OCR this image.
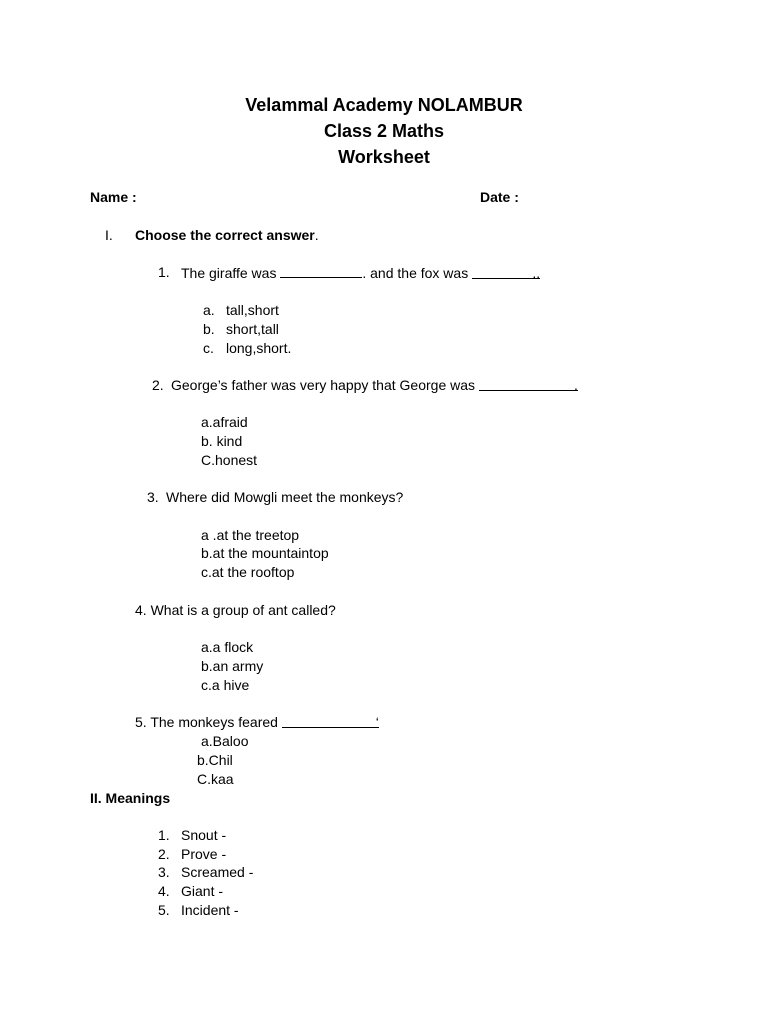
Velammal Academy NOLAMBUR
Class 2 Maths
Worksheet
Name :	Date :
I. Choose the correct answer.
1. The giraffe was	. and the fox was	..
a. tall,short
b. short,tall
c. long,short.
2. George’s father was very happy that George was	.
a.afraid
b. kind
C.honest
3. Where did Mowgli meet the monkeys?
a .at the treetop
b.at the mountaintop
c.at the rooftop
4. What is a group of ant called?
a.a flock
b.an army
c.a hive
5. The monkeys feared	‘
a.Baloo
b.Chil
C.kaa
II. Meanings
1. Snout -
2. Prove -
3. Screamed -
4. Giant -
5. Incident -
